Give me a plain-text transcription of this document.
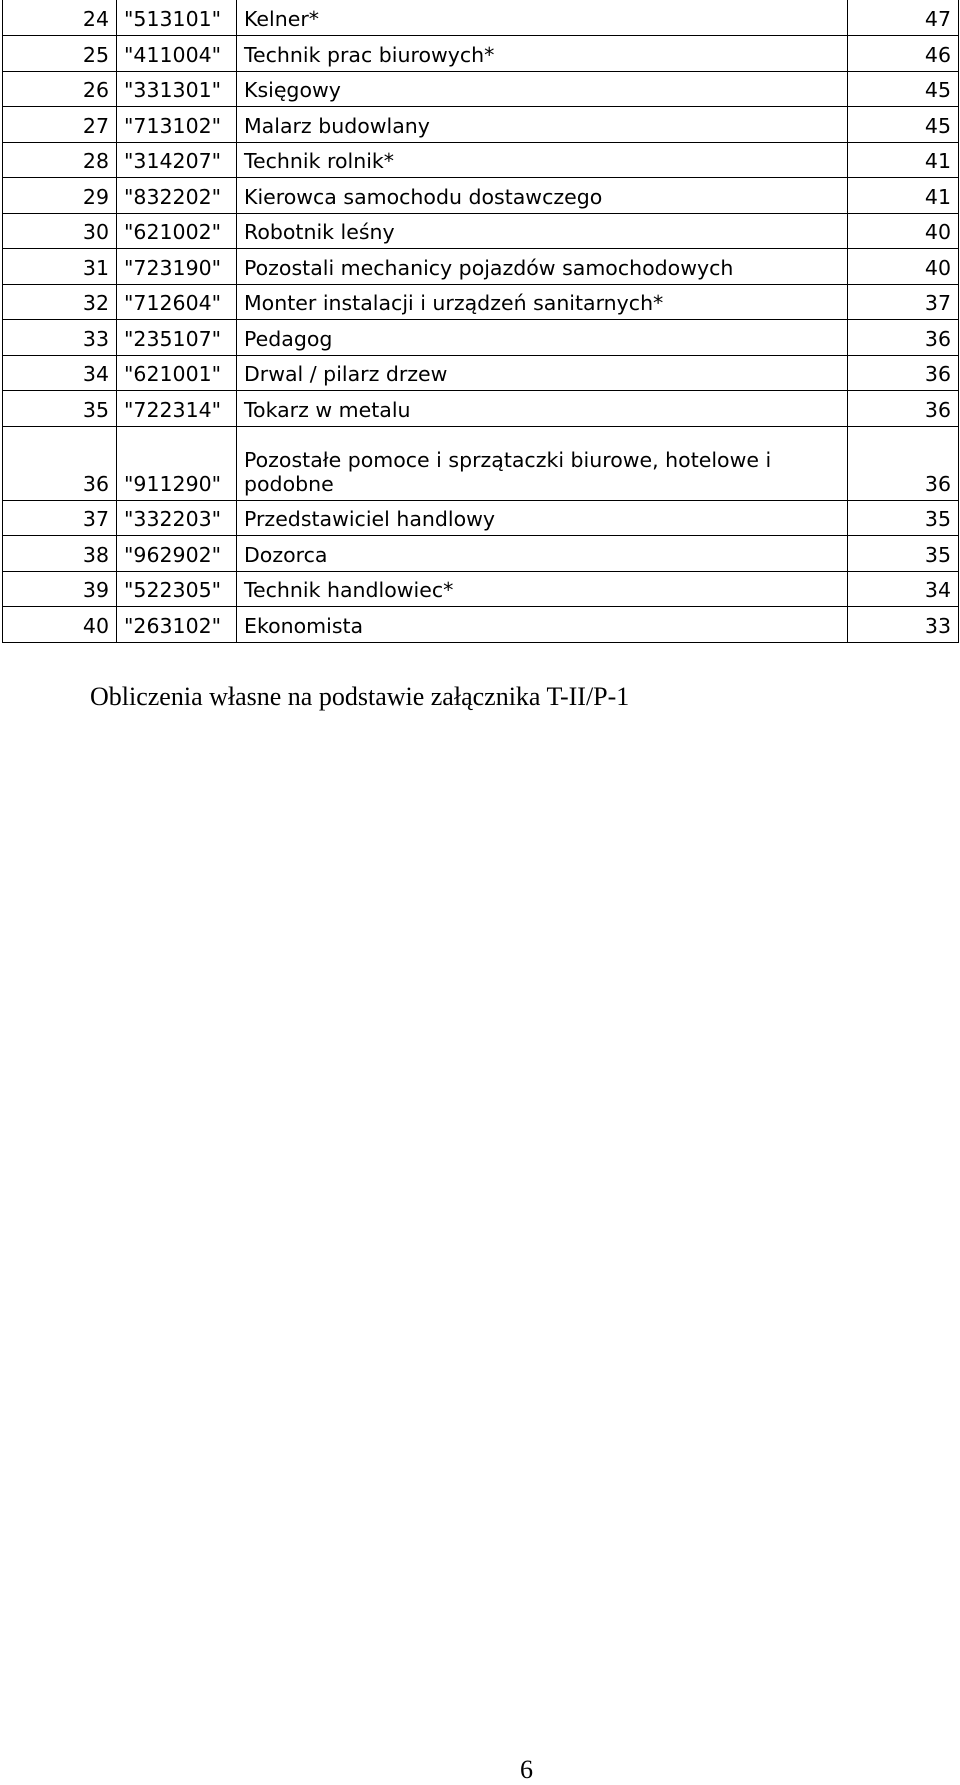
24	"513101"	Kelner*	47
25	"411004"	Technik prac biurowych*	46
26	"331301"	Księgowy	45
27	"713102"	Malarz budowlany	45
28	"314207"	Technik rolnik*	41
29	"832202"	Kierowca samochodu dostawczego	41
30	"621002"	Robotnik leśny	40
31	"723190"	Pozostali mechanicy pojazdów samochodowych	40
32	"712604"	Monter instalacji i urządzeń sanitarnych*	37
33	"235107"	Pedagog	36
34	"621001"	Drwal / pilarz drzew	36
35	"722314"	Tokarz w metalu	36
36	"911290"	Pozostałe pomoce i sprzątaczki biurowe, hotelowe i podobne	36
37	"332203"	Przedstawiciel handlowy	35
38	"962902"	Dozorca	35
39	"522305"	Technik handlowiec*	34
40	"263102"	Ekonomista	33
Obliczenia własne na podstawie załącznika T-II/P-1
6
